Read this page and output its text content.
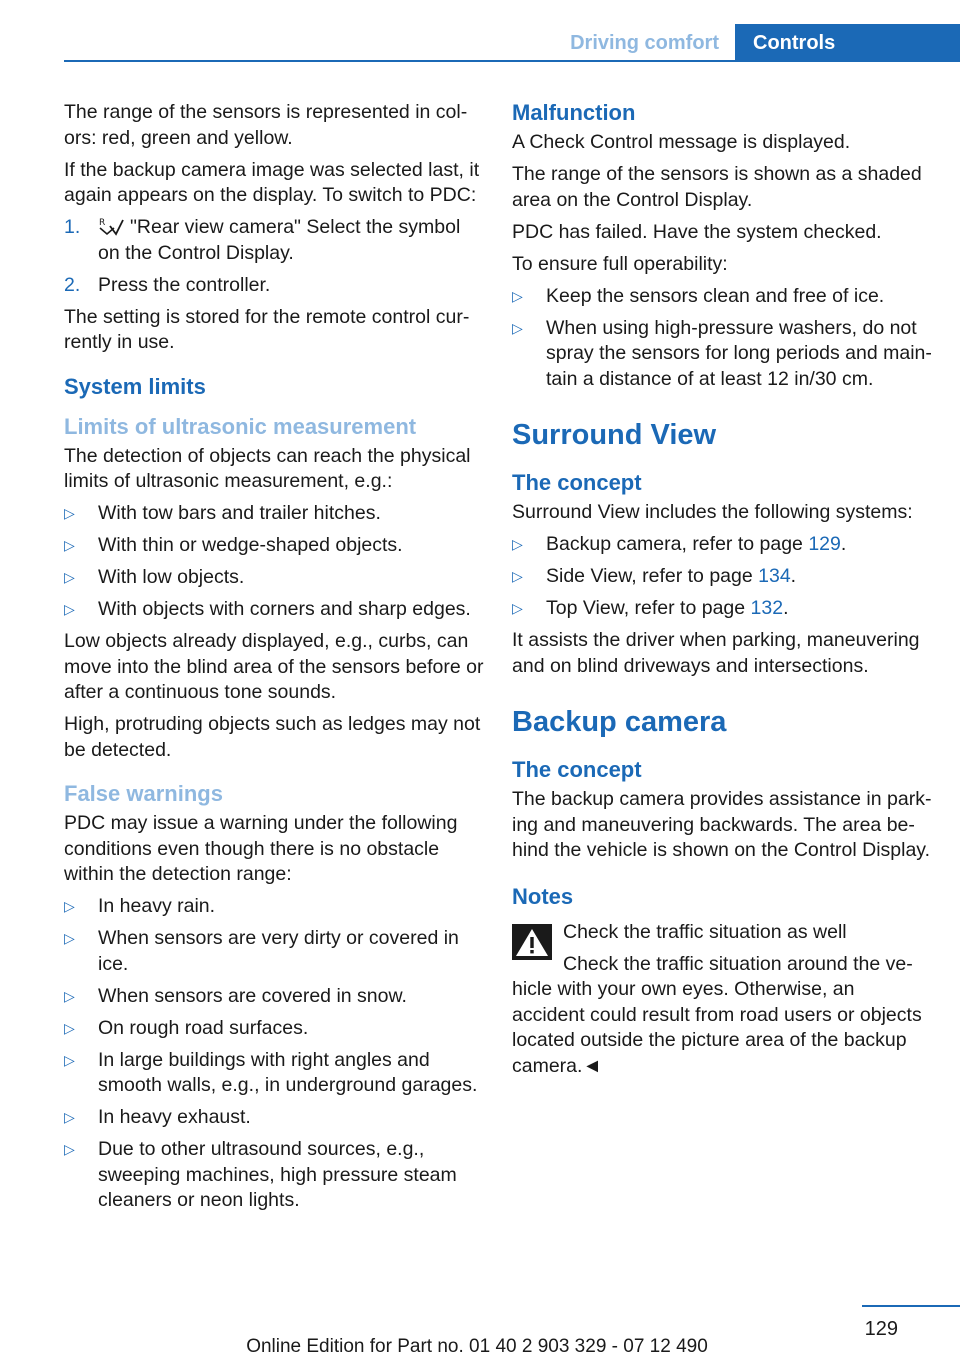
Driving comfort	Controls

The range of the sensors is represented in colors: red, green and yellow.

If the backup camera image was selected last, it again appears on the display. To switch to PDC:

1. R "Rear view camera" Select the symbol on the Control Display.
2. Press the controller.

The setting is stored for the remote control currently in use.

System limits
Limits of ultrasonic measurement

The detection of objects can reach the physical limits of ultrasonic measurement, e.g.:

▷ With tow bars and trailer hitches.
▷ With thin or wedge-shaped objects.
▷ With low objects.
▷ With objects with corners and sharp edges.

Low objects already displayed, e.g., curbs, can move into the blind area of the sensors before or after a continuous tone sounds.

High, protruding objects such as ledges may not be detected.

False warnings

PDC may issue a warning under the following conditions even though there is no obstacle within the detection range:

▷ In heavy rain.
▷ When sensors are very dirty or covered in ice.
▷ When sensors are covered in snow.
▷ On rough road surfaces.
▷ In large buildings with right angles and smooth walls, e.g., in underground garages.
▷ In heavy exhaust.
▷ Due to other ultrasound sources, e.g., sweeping machines, high pressure steam cleaners or neon lights.
Malfunction

A Check Control message is displayed.

The range of the sensors is shown as a shaded area on the Control Display.

PDC has failed. Have the system checked.

To ensure full operability:

▷ Keep the sensors clean and free of ice.
▷ When using high-pressure washers, do not spray the sensors for long periods and maintain a distance of at least 12 in/30 cm.
Surround View
The concept

Surround View includes the following systems:

▷ Backup camera, refer to page 129.
▷ Side View, refer to page 134.
▷ Top View, refer to page 132.

It assists the driver when parking, maneuvering and on blind driveways and intersections.

Backup camera
The concept

The backup camera provides assistance in parking and maneuvering backwards. The area behind the vehicle is shown on the Control Display.

Notes
Check the traffic situation as well
Check the traffic situation around the vehicle with your own eyes. Otherwise, an accident could result from road users or objects located outside the picture area of the backup camera.◄
129
Online Edition for Part no. 01 40 2 903 329 - 07 12 490
